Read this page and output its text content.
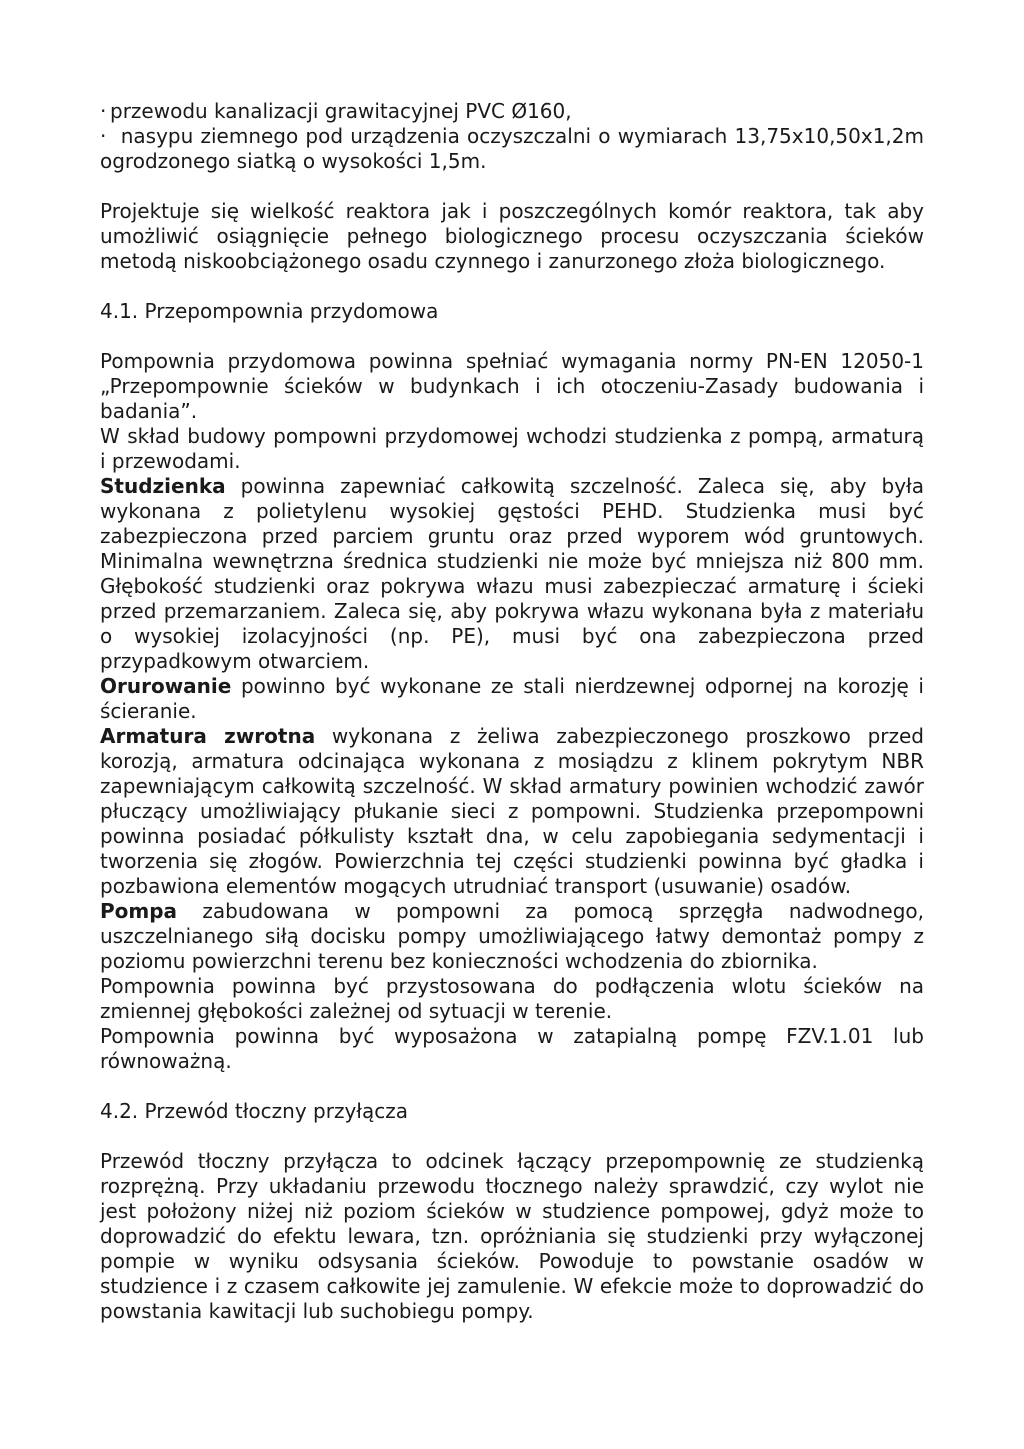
· przewodu kanalizacji grawitacyjnej PVC Ø160,

·  nasypu ziemnego pod urządzenia oczyszczalni o wymiarach 13,75x10,50x1,2m ogrodzonego siatką o wysokości 1,5m.

Projektuje się wielkość reaktora jak i poszczególnych komór reaktora, tak aby umożliwić osiągnięcie pełnego biologicznego procesu oczyszczania ścieków metodą niskoobciążonego osadu czynnego i zanurzonego złoża biologicznego.

4.1. Przepompownia przydomowa

Pompownia przydomowa powinna spełniać wymagania normy PN-EN 12050-1 „Przepompownie ścieków w budynkach i ich otoczeniu-Zasady budowania i badania”.

W skład budowy pompowni przydomowej wchodzi studzienka z pompą, armaturą i przewodami.

Studzienka powinna zapewniać całkowitą szczelność. Zaleca się, aby była wykonana z polietylenu wysokiej gęstości PEHD. Studzienka musi być zabezpieczona przed parciem gruntu oraz przed wyporem wód gruntowych. Minimalna wewnętrzna średnica studzienki nie może być mniejsza niż 800 mm. Głębokość studzienki oraz pokrywa włazu musi zabezpieczać armaturę i ścieki przed przemarzaniem. Zaleca się, aby pokrywa włazu wykonana była z materiału o wysokiej izolacyjności (np. PE), musi być ona zabezpieczona przed przypadkowym otwarciem.

Orurowanie powinno być wykonane ze stali nierdzewnej odpornej na korozję i ścieranie.

Armatura zwrotna wykonana z żeliwa zabezpieczonego proszkowo przed korozją, armatura odcinająca wykonana z mosiądzu z klinem pokrytym NBR zapewniającym całkowitą szczelność. W skład armatury powinien wchodzić zawór płuczący umożliwiający płukanie sieci z pompowni. Studzienka przepompowni powinna posiadać półkulisty kształt dna, w celu zapobiegania sedymentacji i tworzenia się złogów. Powierzchnia tej części studzienki powinna być gładka i pozbawiona elementów mogących utrudniać transport (usuwanie) osadów.

Pompa zabudowana w pompowni za pomocą sprzęgła nadwodnego, uszczelnianego siłą docisku pompy umożliwiającego łatwy demontaż pompy z poziomu powierzchni terenu bez konieczności wchodzenia do zbiornika.

Pompownia powinna być przystosowana do podłączenia wlotu ścieków na zmiennej głębokości zależnej od sytuacji w terenie.

Pompownia powinna być wyposażona w zatapialną pompę FZV.1.01 lub równoważną.

4.2. Przewód tłoczny przyłącza

Przewód tłoczny przyłącza to odcinek łączący przepompownię ze studzienką rozprężną. Przy układaniu przewodu tłocznego należy sprawdzić, czy wylot nie jest położony niżej niż poziom ścieków w studzience pompowej, gdyż może to doprowadzić do efektu lewara, tzn. opróżniania się studzienki przy wyłączonej pompie w wyniku odsysania ścieków. Powoduje to powstanie osadów w studzience i z czasem całkowite jej zamulenie. W efekcie może to doprowadzić do powstania kawitacji lub suchobiegu pompy.
